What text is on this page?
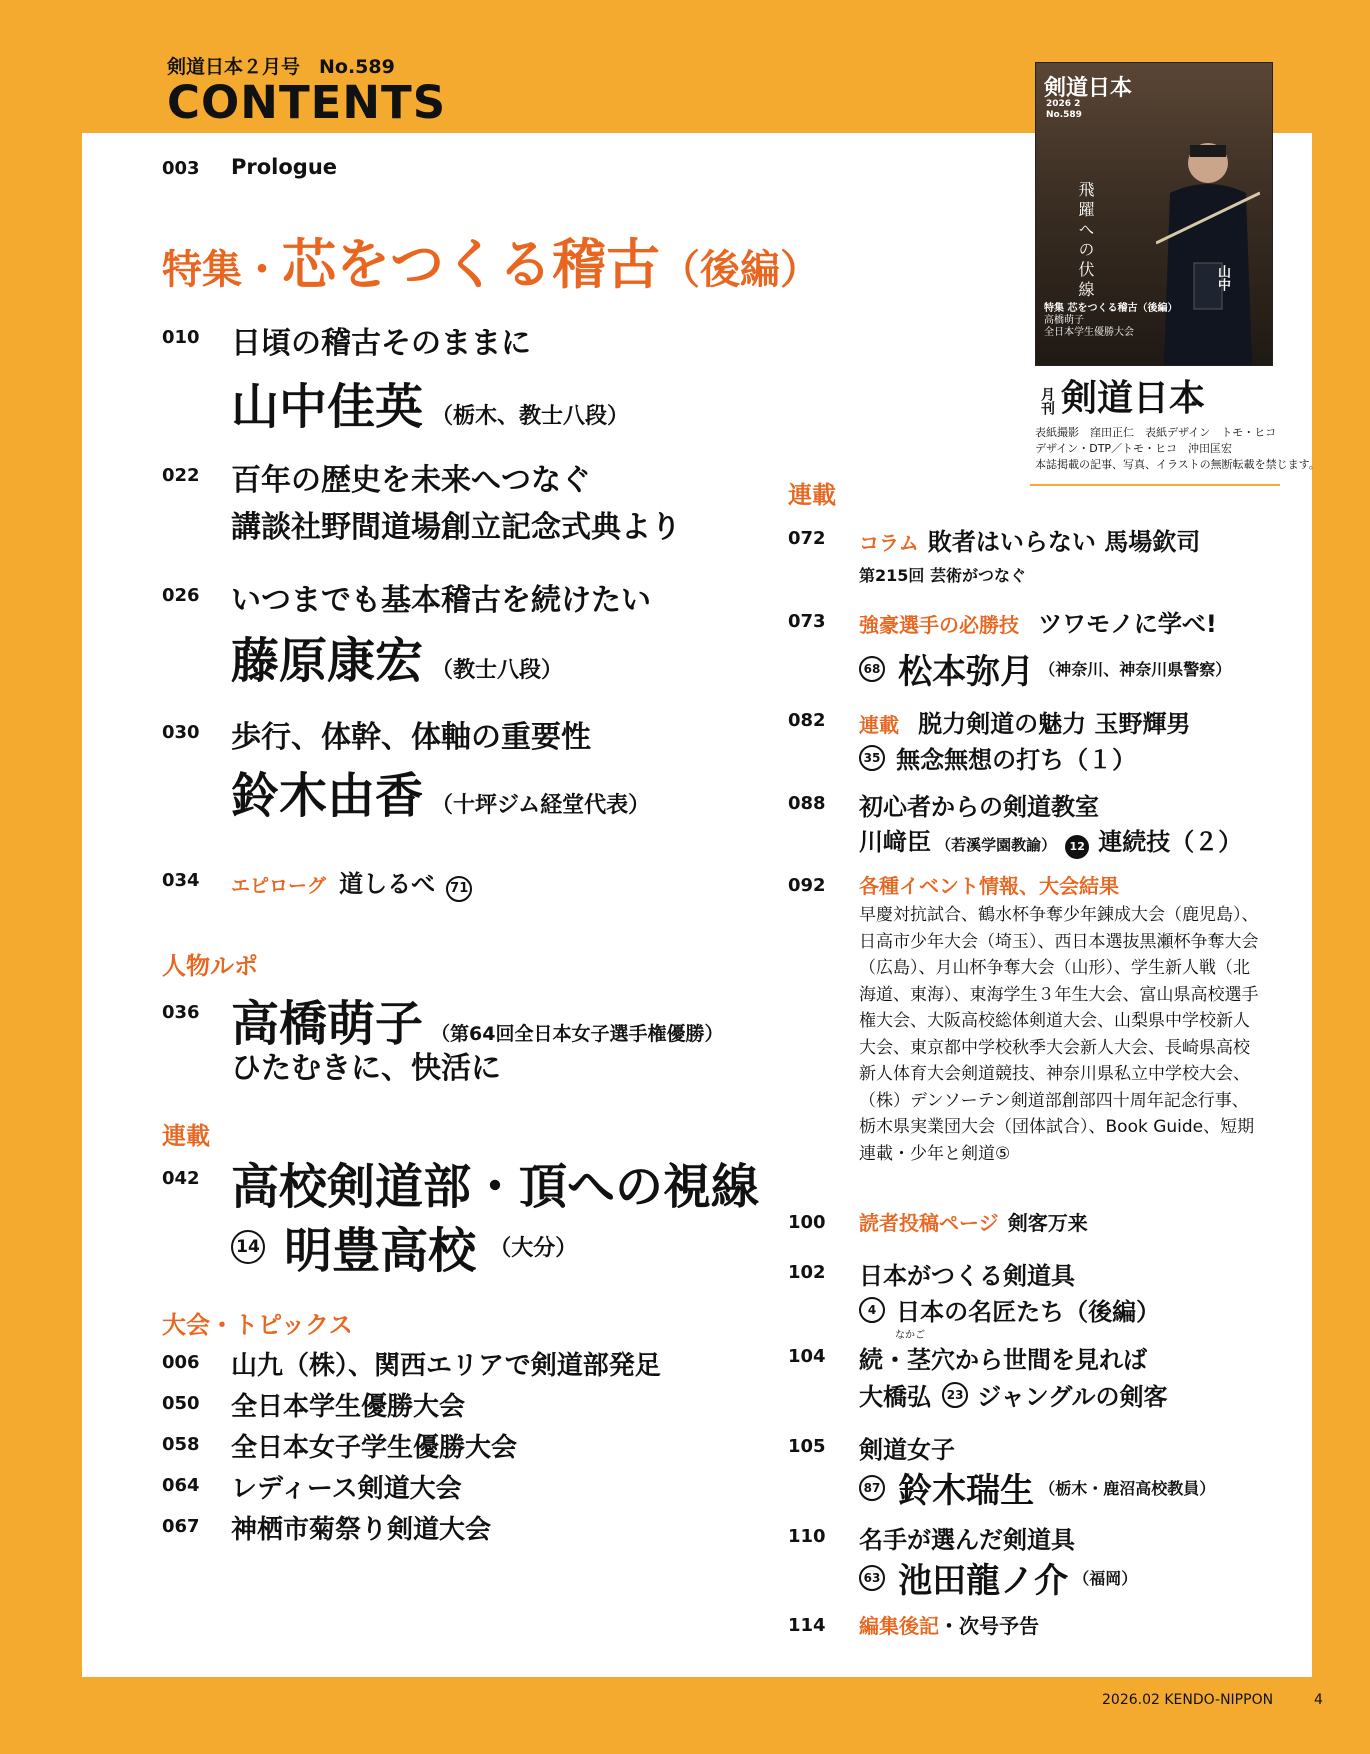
剣道日本２月号　No.589
CONTENTS
003	Prologue
特集・芯をつくる稽古（後編）
010	日頃の稽古そのままに
山中佳英 （栃木、教士八段）
022	百年の歴史を未来へつなぐ
講談社野間道場創立記念式典より
026	いつまでも基本稽古を続けたい
藤原康宏 （教士八段）
030	歩行、体幹、体軸の重要性
鈴木由香 （十坪ジム経堂代表）
034	エピローグ 道しるべ 71
人物ルポ
036 高橋萌子 （第64回全日本女子選手権優勝）
ひたむきに、快活に
連載
042 高校剣道部・頂への視線
14 明豊高校 （大分）
大会・トピックス
006	山九（株）、関西エリアで剣道部発足
050	全日本学生優勝大会
058	全日本女子学生優勝大会
064	レディース剣道大会
067	神栖市菊祭り剣道大会
連載
072	コラム 敗者はいらない 馬場欽司
第215回 芸術がつなぐ
073	強豪選手の必勝技 ツワモノに学べ!
68 松本弥月 （神奈川、神奈川県警察）
082	連載 脱力剣道の魅力 玉野輝男
35 無念無想の打ち（１）
088	初心者からの剣道教室
川﨑臣 （若溪学園教諭） 12 連続技（２）
092	各種イベント情報、大会結果
早慶対抗試合、鶴水杯争奪少年錬成大会（鹿児島）、日高市少年大会（埼玉）、西日本選抜黒瀬杯争奪大会（広島）、月山杯争奪大会（山形）、学生新人戦（北海道、東海）、東海学生３年生大会、富山県高校選手権大会、大阪高校総体剣道大会、山梨県中学校新人大会、東京都中学校秋季大会新人大会、長崎県高校新人体育大会剣道競技、神奈川県私立中学校大会、（株）デンソーテン剣道部創部四十周年記念行事、栃木県実業団大会（団体試合）、Book Guide、短期連載・少年と剣道⑤
100	読者投稿ページ 剣客万来
102	日本がつくる剣道具
4 日本の名匠たち（後編）
なかご
104	続・茎穴から世間を見れば
大橋弘 23 ジャングルの剣客
105	剣道女子
87 鈴木瑞生 （栃木・鹿沼高校教員）
110	名手が選んだ剣道具
63 池田龍ノ介 （福岡）
114	編集後記・次号予告
剣道日本
2026 2
No.589
飛躍への伏線	山中
特集 芯をつくる稽古（後編）
高橋萌子
全日本学生優勝大会
月刊 剣道日本
表紙撮影　窪田正仁　表紙デザイン　トモ・ヒコ
デザイン・DTP／トモ・ヒコ　沖田匡宏
本誌掲載の記事、写真、イラストの無断転載を禁じます。
2026.02 KENDO-NIPPON	4
